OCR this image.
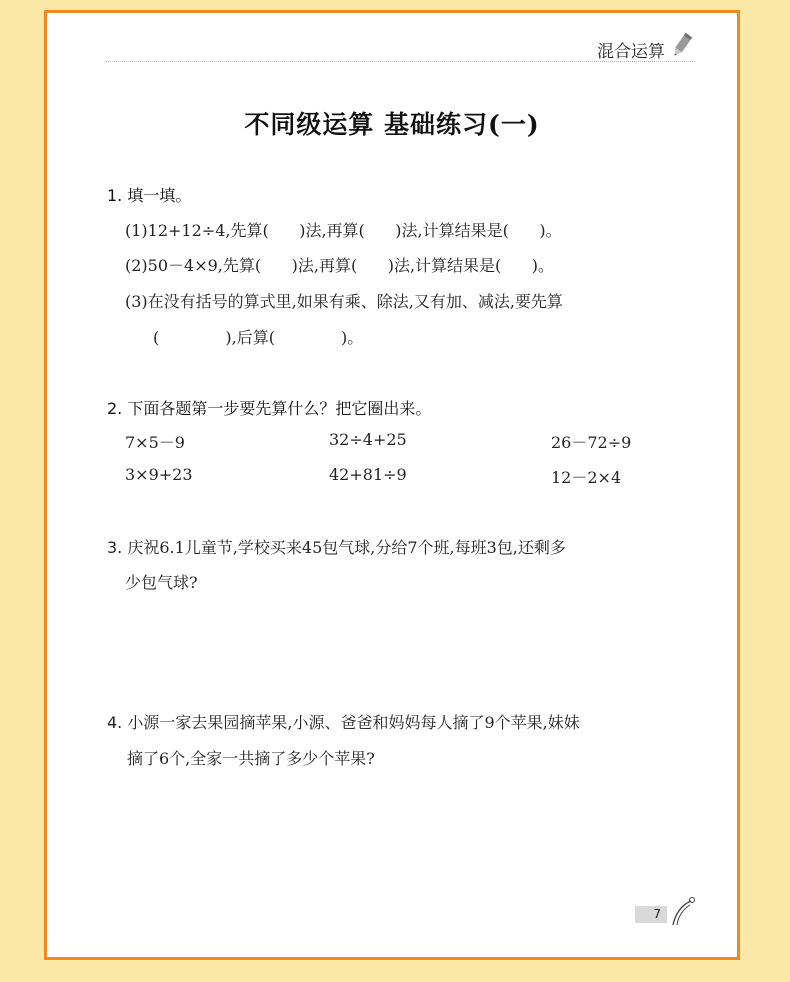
混合运算
不同级运算 基础练习(一)
1. 填一填。
(1)12+12÷4,先算(      )法,再算(      )法,计算结果是(      )。
(2)50－4×9,先算(      )法,再算(      )法,计算结果是(      )。
(3)在没有括号的算式里,如果有乘、除法,又有加、减法,要先算
(             ),后算(             )。
2. 下面各题第一步要先算什么？把它圈出来。
7×5－9	32÷4+25	26－72÷9
3×9+23	42+81÷9	12－2×4
3. 庆祝6.1儿童节,学校买来45包气球,分给7个班,每班3包,还剩多
少包气球?
4. 小源一家去果园摘苹果,小源、爸爸和妈妈每人摘了9个苹果,妹妹
摘了6个,全家一共摘了多少个苹果?
7
